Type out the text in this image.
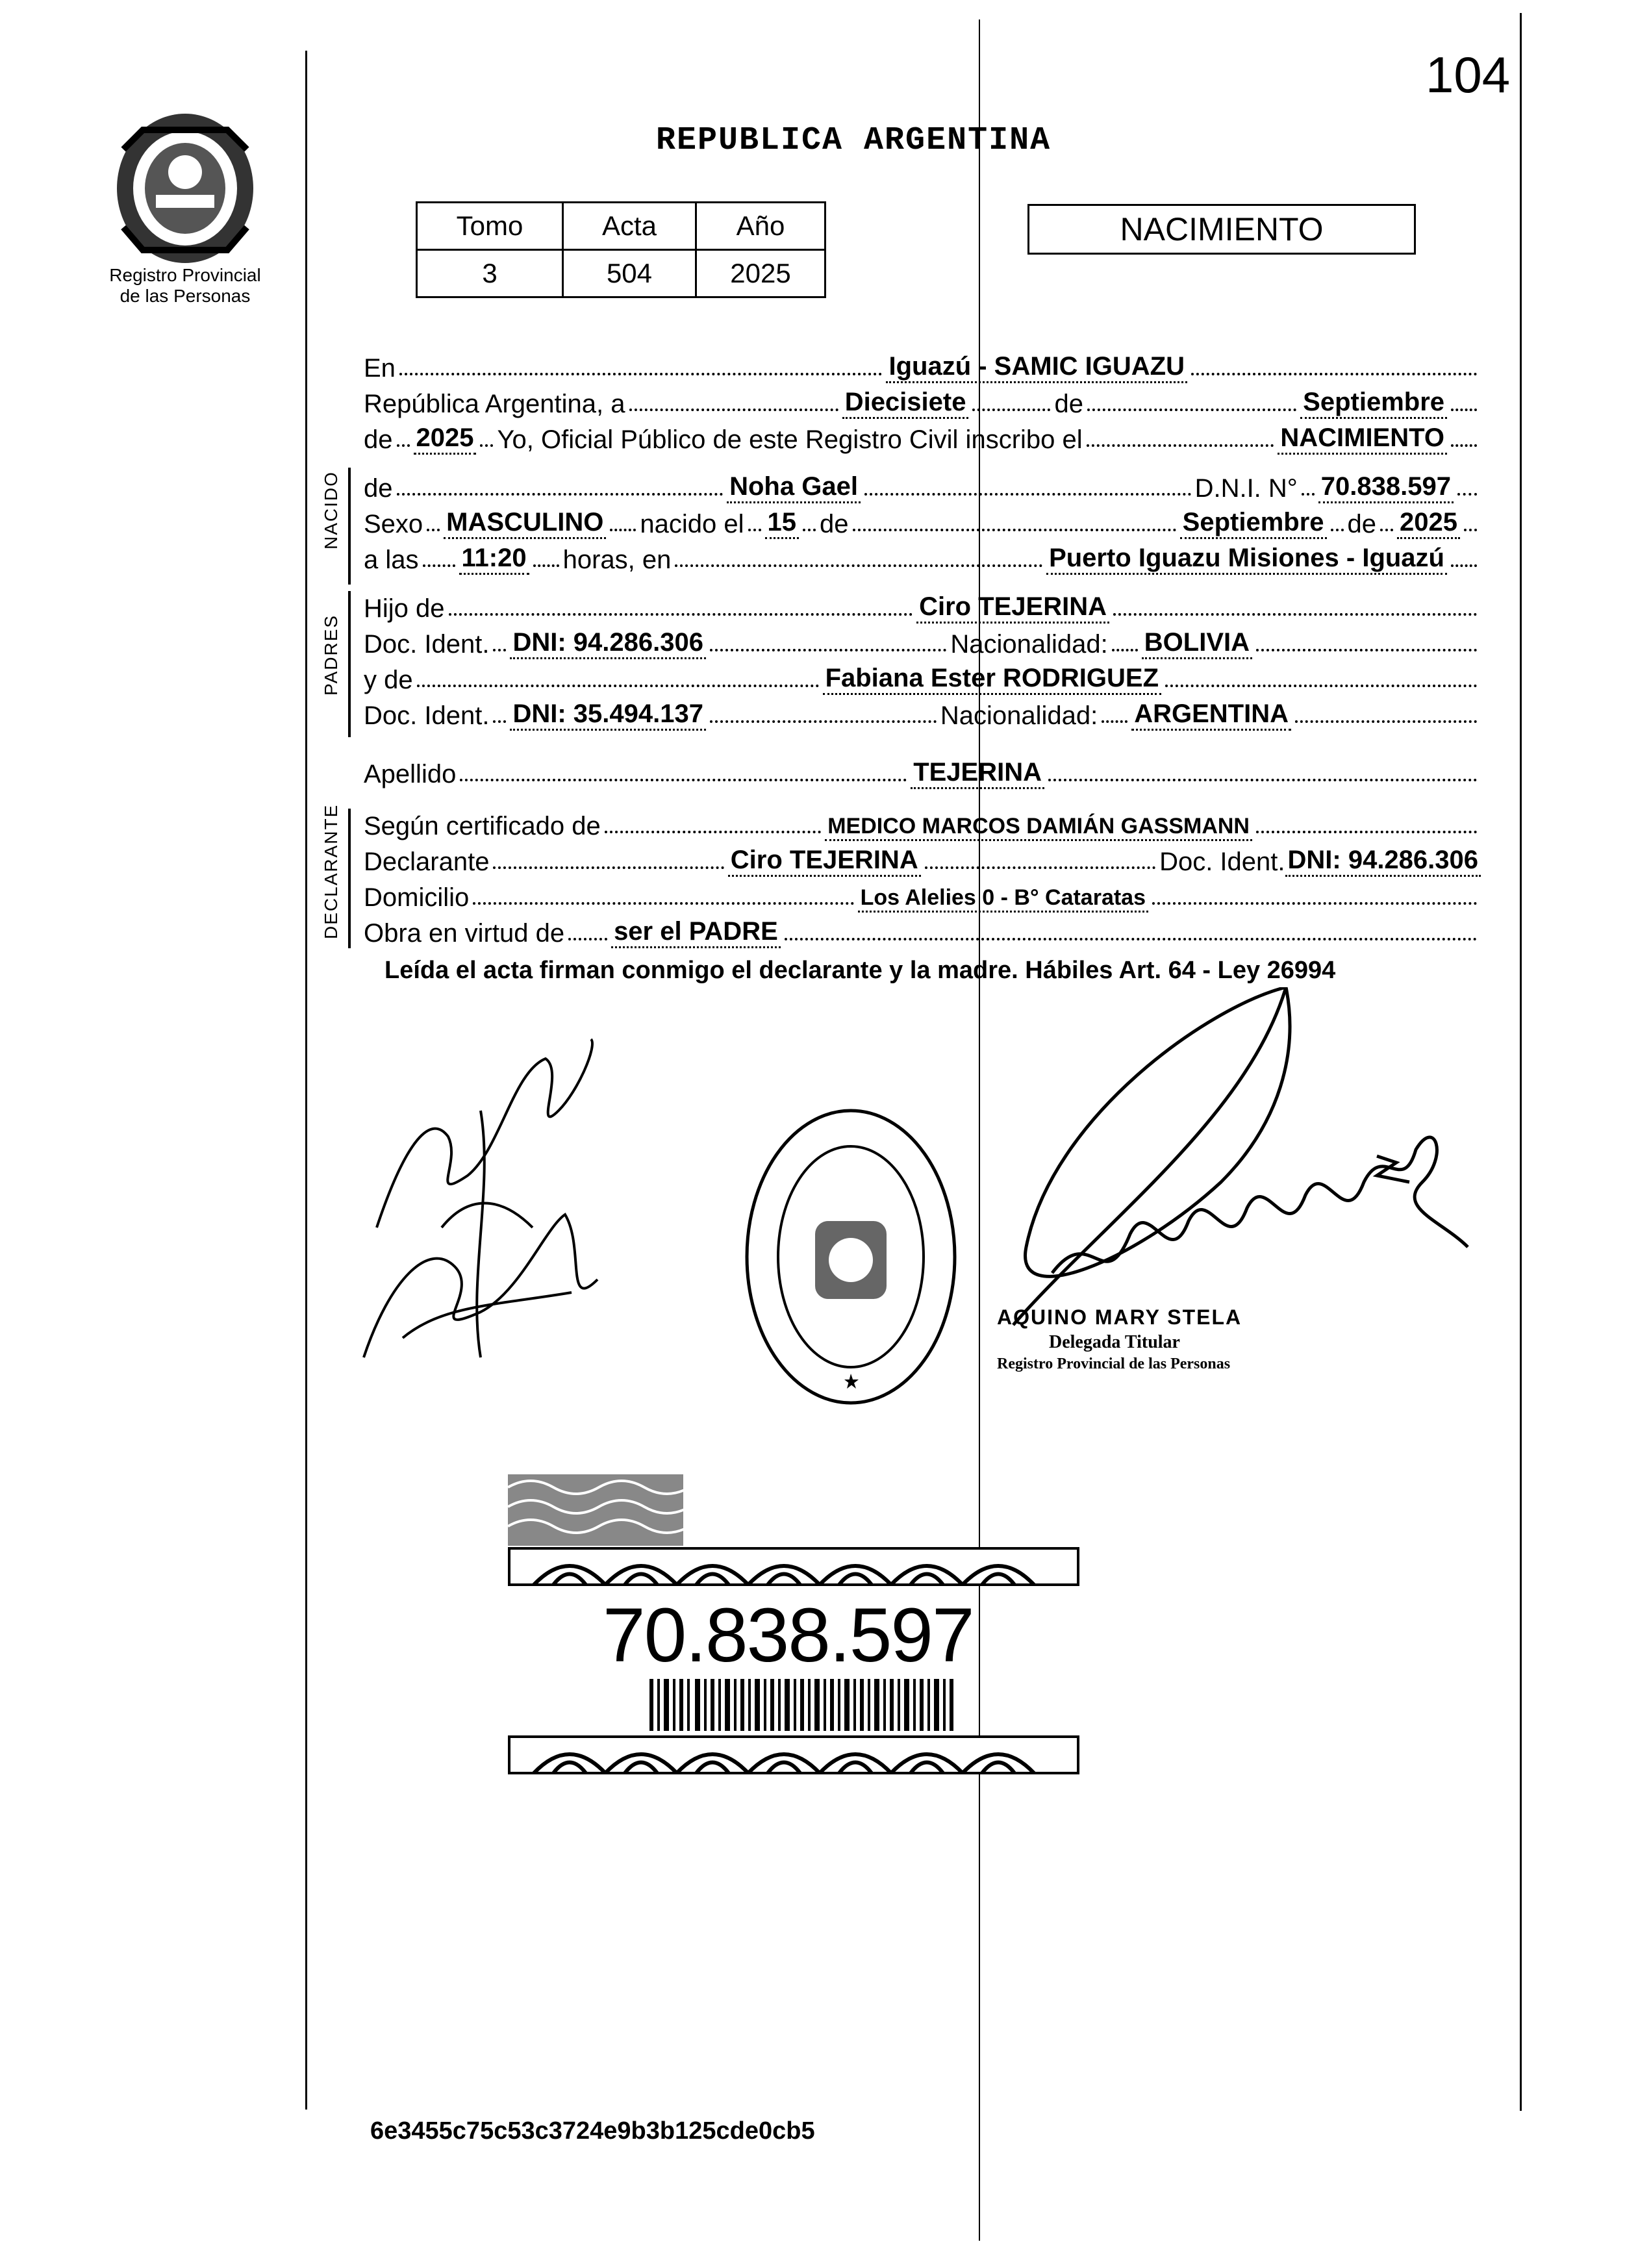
104
Registro Provincial
de las Personas
REPUBLICA ARGENTINA
Tomo	Acta	Año
3	504	2025
NACIMIENTO
En	Iguazú - SAMIC IGUAZU
República Argentina, a	Diecisiete	de	Septiembre
de 2025 Yo, Oficial Público de este Registro Civil inscribo el	NACIMIENTO
NACIDO de	Noha Gael	D.N.I. N° 70.838.597
Sexo MASCULINO nacido el 15 de	Septiembre de 2025
a las 11:20 horas, en	Puerto Iguazu Misiones - Iguazú
PADRES
Hijo de	Ciro TEJERINA
Doc. Ident. DNI: 94.286.306	Nacionalidad: BOLIVIA
y de	Fabiana Ester RODRIGUEZ
Doc. Ident. DNI: 35.494.137	Nacionalidad: ARGENTINA
Apellido	TEJERINA
DECLARANTE Según certificado de	MEDICO MARCOS DAMIÁN GASSMANN
Declarante	Ciro TEJERINA	Doc. Ident. DNI: 94.286.306
Domicilio	Los Alelies 0 - B° Cataratas
Obra en virtud de ser el PADRE
Leída el acta firman conmigo el declarante y la madre. Hábiles Art. 64 - Ley 26994
AQUINO MARY STELA
Delegada Titular
Registro Provincial de las Personas
70.838.597
6e3455c75c53c3724e9b3b125cde0cb5
